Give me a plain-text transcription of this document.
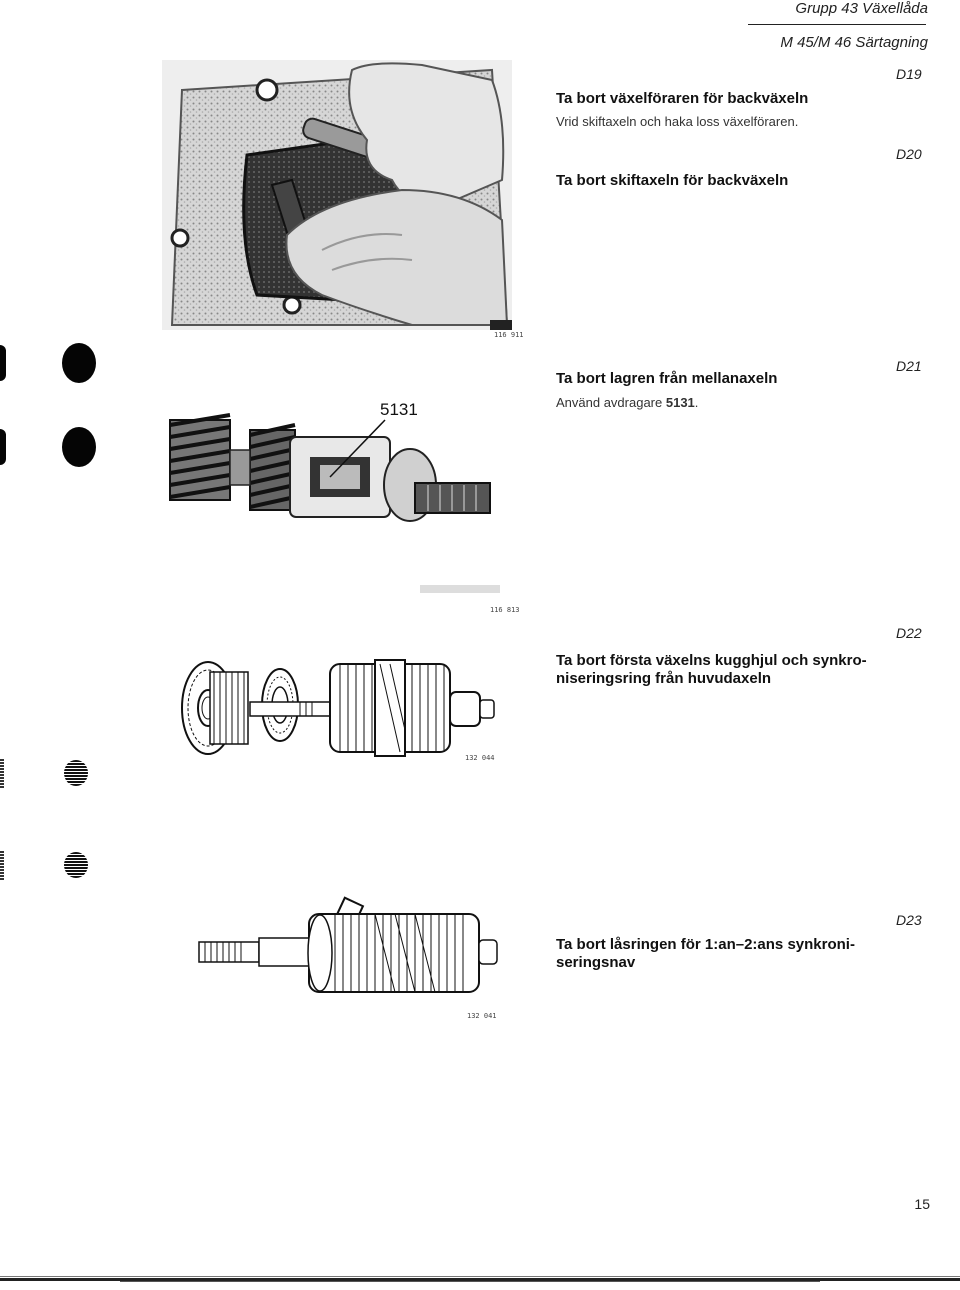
Grupp 43 Växellåda
M 45/M 46 Särtagning
116 911
D19
Ta bort växelföraren för backväxeln
Vrid skiftaxeln och haka loss växelföraren.
D20
Ta bort skiftaxeln för backväxeln
5131
116 813
D21
Ta bort lagren från mellanaxeln
Använd avdragare 5131.
132 044
D22
Ta bort första växelns kugghjul och synkro-
niseringsring från huvudaxeln
132 041
D23
Ta bort låsringen för 1:an–2:ans synkroni-
seringsnav
15
